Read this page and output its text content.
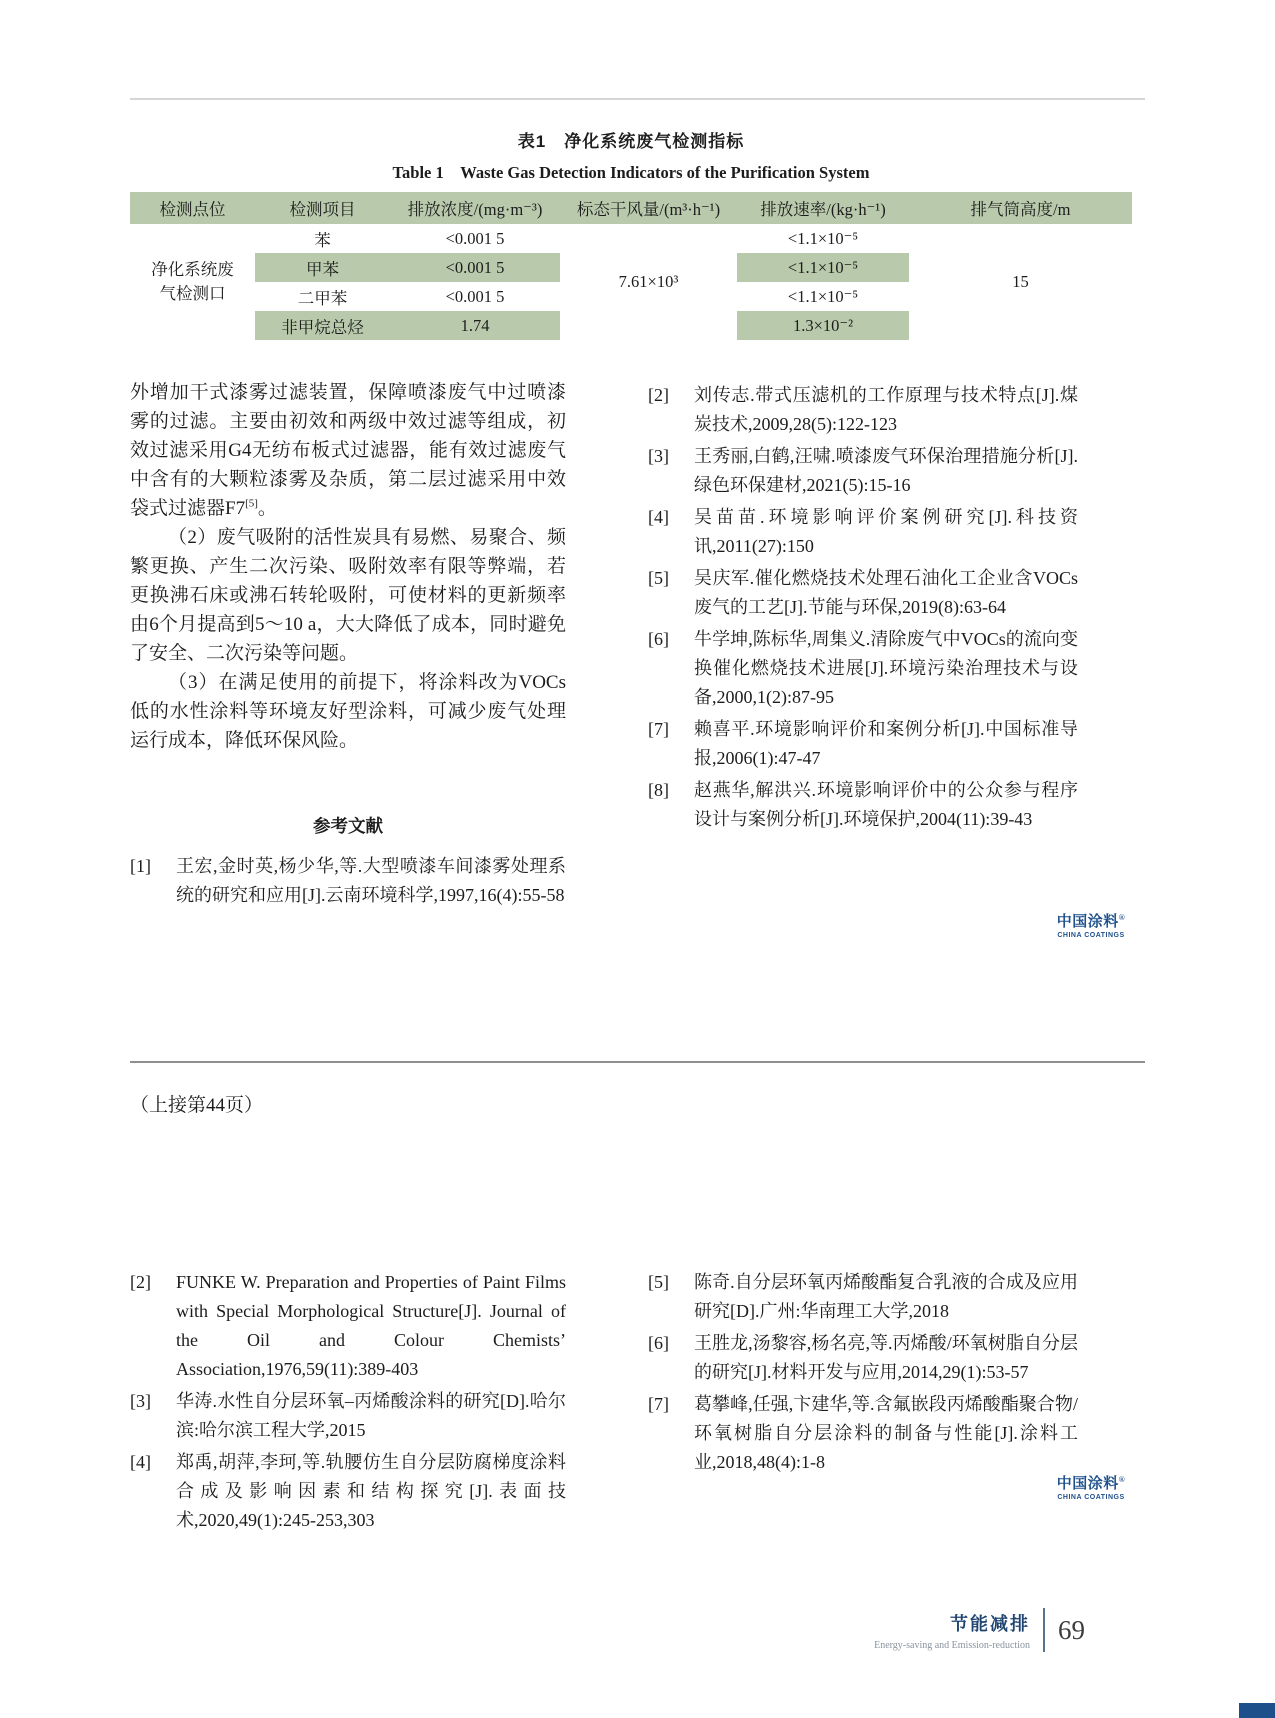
表1　净化系统废气检测指标
Table 1　Waste Gas Detection Indicators of the Purification System
检测点位	检测项目	排放浓度/(mg·m⁻³)	标态干风量/(m³·h⁻¹)	排放速率/(kg·h⁻¹)	排气筒高度/m
净化系统废气检测口	苯	<0.001 5	7.61×10³	<1.1×10⁻⁵	15
	甲苯	<0.001 5		<1.1×10⁻⁵	
	二甲苯	<0.001 5		<1.1×10⁻⁵	
	非甲烷总烃	1.74		1.3×10⁻²	

外增加干式漆雾过滤装置，保障喷漆废气中过喷漆雾的过滤。主要由初效和两级中效过滤等组成，初效过滤采用G4无纺布板式过滤器，能有效过滤废气中含有的大颗粒漆雾及杂质，第二层过滤采用中效袋式过滤器F7[5]。

（2）废气吸附的活性炭具有易燃、易聚合、频繁更换、产生二次污染、吸附效率有限等弊端，若更换沸石床或沸石转轮吸附，可使材料的更新频率由6个月提高到5～10 a，大大降低了成本，同时避免了安全、二次污染等问题。

（3）在满足使用的前提下，将涂料改为VOCs低的水性涂料等环境友好型涂料，可减少废气处理运行成本，降低环保风险。

参考文献
[1] 王宏,金时英,杨少华,等.大型喷漆车间漆雾处理系统的研究和应用[J].云南环境科学,1997,16(4):55-58
[2] 刘传志.带式压滤机的工作原理与技术特点[J].煤炭技术,2009,28(5):122-123
[3] 王秀丽,白鹤,汪啸.喷漆废气环保治理措施分析[J].绿色环保建材,2021(5):15-16
[4] 吴苗苗.环境影响评价案例研究[J].科技资讯,2011(27):150
[5] 吴庆军.催化燃烧技术处理石油化工企业含VOCs废气的工艺[J].节能与环保,2019(8):63-64
[6] 牛学坤,陈标华,周集义.清除废气中VOCs的流向变换催化燃烧技术进展[J].环境污染治理技术与设备,2000,1(2):87-95
[7] 赖喜平.环境影响评价和案例分析[J].中国标准导报,2006(1):47-47
[8] 赵燕华,解洪兴.环境影响评价中的公众参与程序设计与案例分析[J].环境保护,2004(11):39-43
中国涂料®
CHINA COATINGS
（上接第44页）
[2] FUNKE W. Preparation and Properties of Paint Films with Special Morphological Structure[J]. Journal of the Oil and Colour Chemists’ Association,1976,59(11):389-403
[3] 华涛.水性自分层环氧–丙烯酸涂料的研究[D].哈尔滨:哈尔滨工程大学,2015
[4] 郑禹,胡萍,李珂,等.轨腰仿生自分层防腐梯度涂料合成及影响因素和结构探究[J].表面技术,2020,49(1):245-253,303
[5] 陈奇.自分层环氧丙烯酸酯复合乳液的合成及应用研究[D].广州:华南理工大学,2018
[6] 王胜龙,汤黎容,杨名亮,等.丙烯酸/环氧树脂自分层的研究[J].材料开发与应用,2014,29(1):53-57
[7] 葛攀峰,任强,卞建华,等.含氟嵌段丙烯酸酯聚合物/环氧树脂自分层涂料的制备与性能[J].涂料工业,2018,48(4):1-8
中国涂料®
CHINA COATINGS
节能减排
Energy-saving and Emission-reduction
69
